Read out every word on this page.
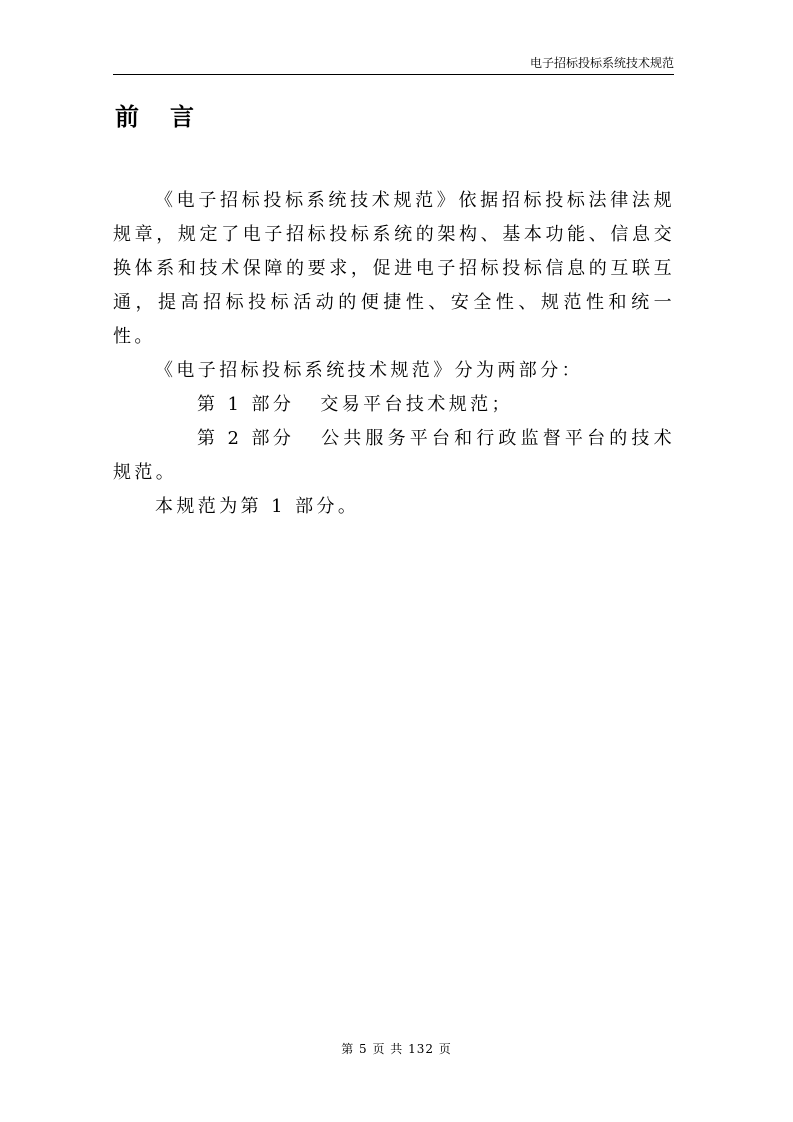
电子招标投标系统技术规范
前 言

《电子招标投标系统技术规范》依据招标投标法律法规规章，规定了电子招标投标系统的架构、基本功能、信息交换体系和技术保障的要求，促进电子招标投标信息的互联互通，提高招标投标活动的便捷性、安全性、规范性和统一性。

《电子招标投标系统技术规范》分为两部分：

第 1 部分 交易平台技术规范；

第 2 部分 公共服务平台和行政监督平台的技术规范。

本规范为第 1 部分。

第 5 页 共 132 页
